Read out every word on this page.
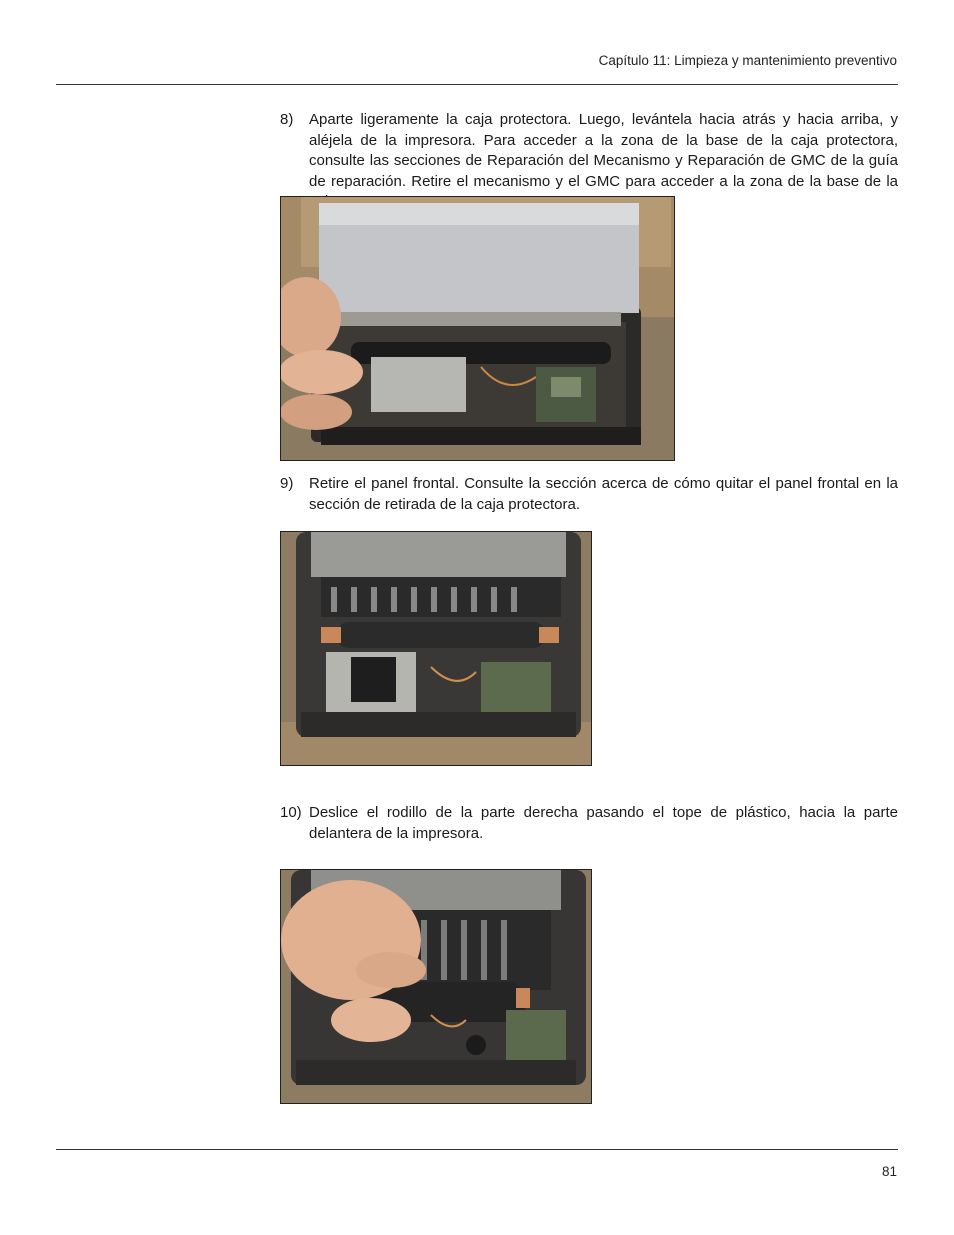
Capítulo 11: Limpieza y mantenimiento preventivo
8) Aparte ligeramente la caja protectora. Luego, levántela hacia atrás y hacia arriba, y aléjela de la impresora. Para acceder a la zona de la base de la caja protectora, consulte las secciones de Reparación del Mecanismo y Reparación de GMC de la guía de reparación. Retire el mecanismo y el GMC para acceder a la zona de la base de la
9) Retire el panel frontal. Consulte la sección acerca de cómo quitar el panel frontal en la sección de retirada de la caja protectora.
10) Deslice el rodillo de la parte derecha pasando el tope de plástico, hacia la parte delantera de la impresora.
81
